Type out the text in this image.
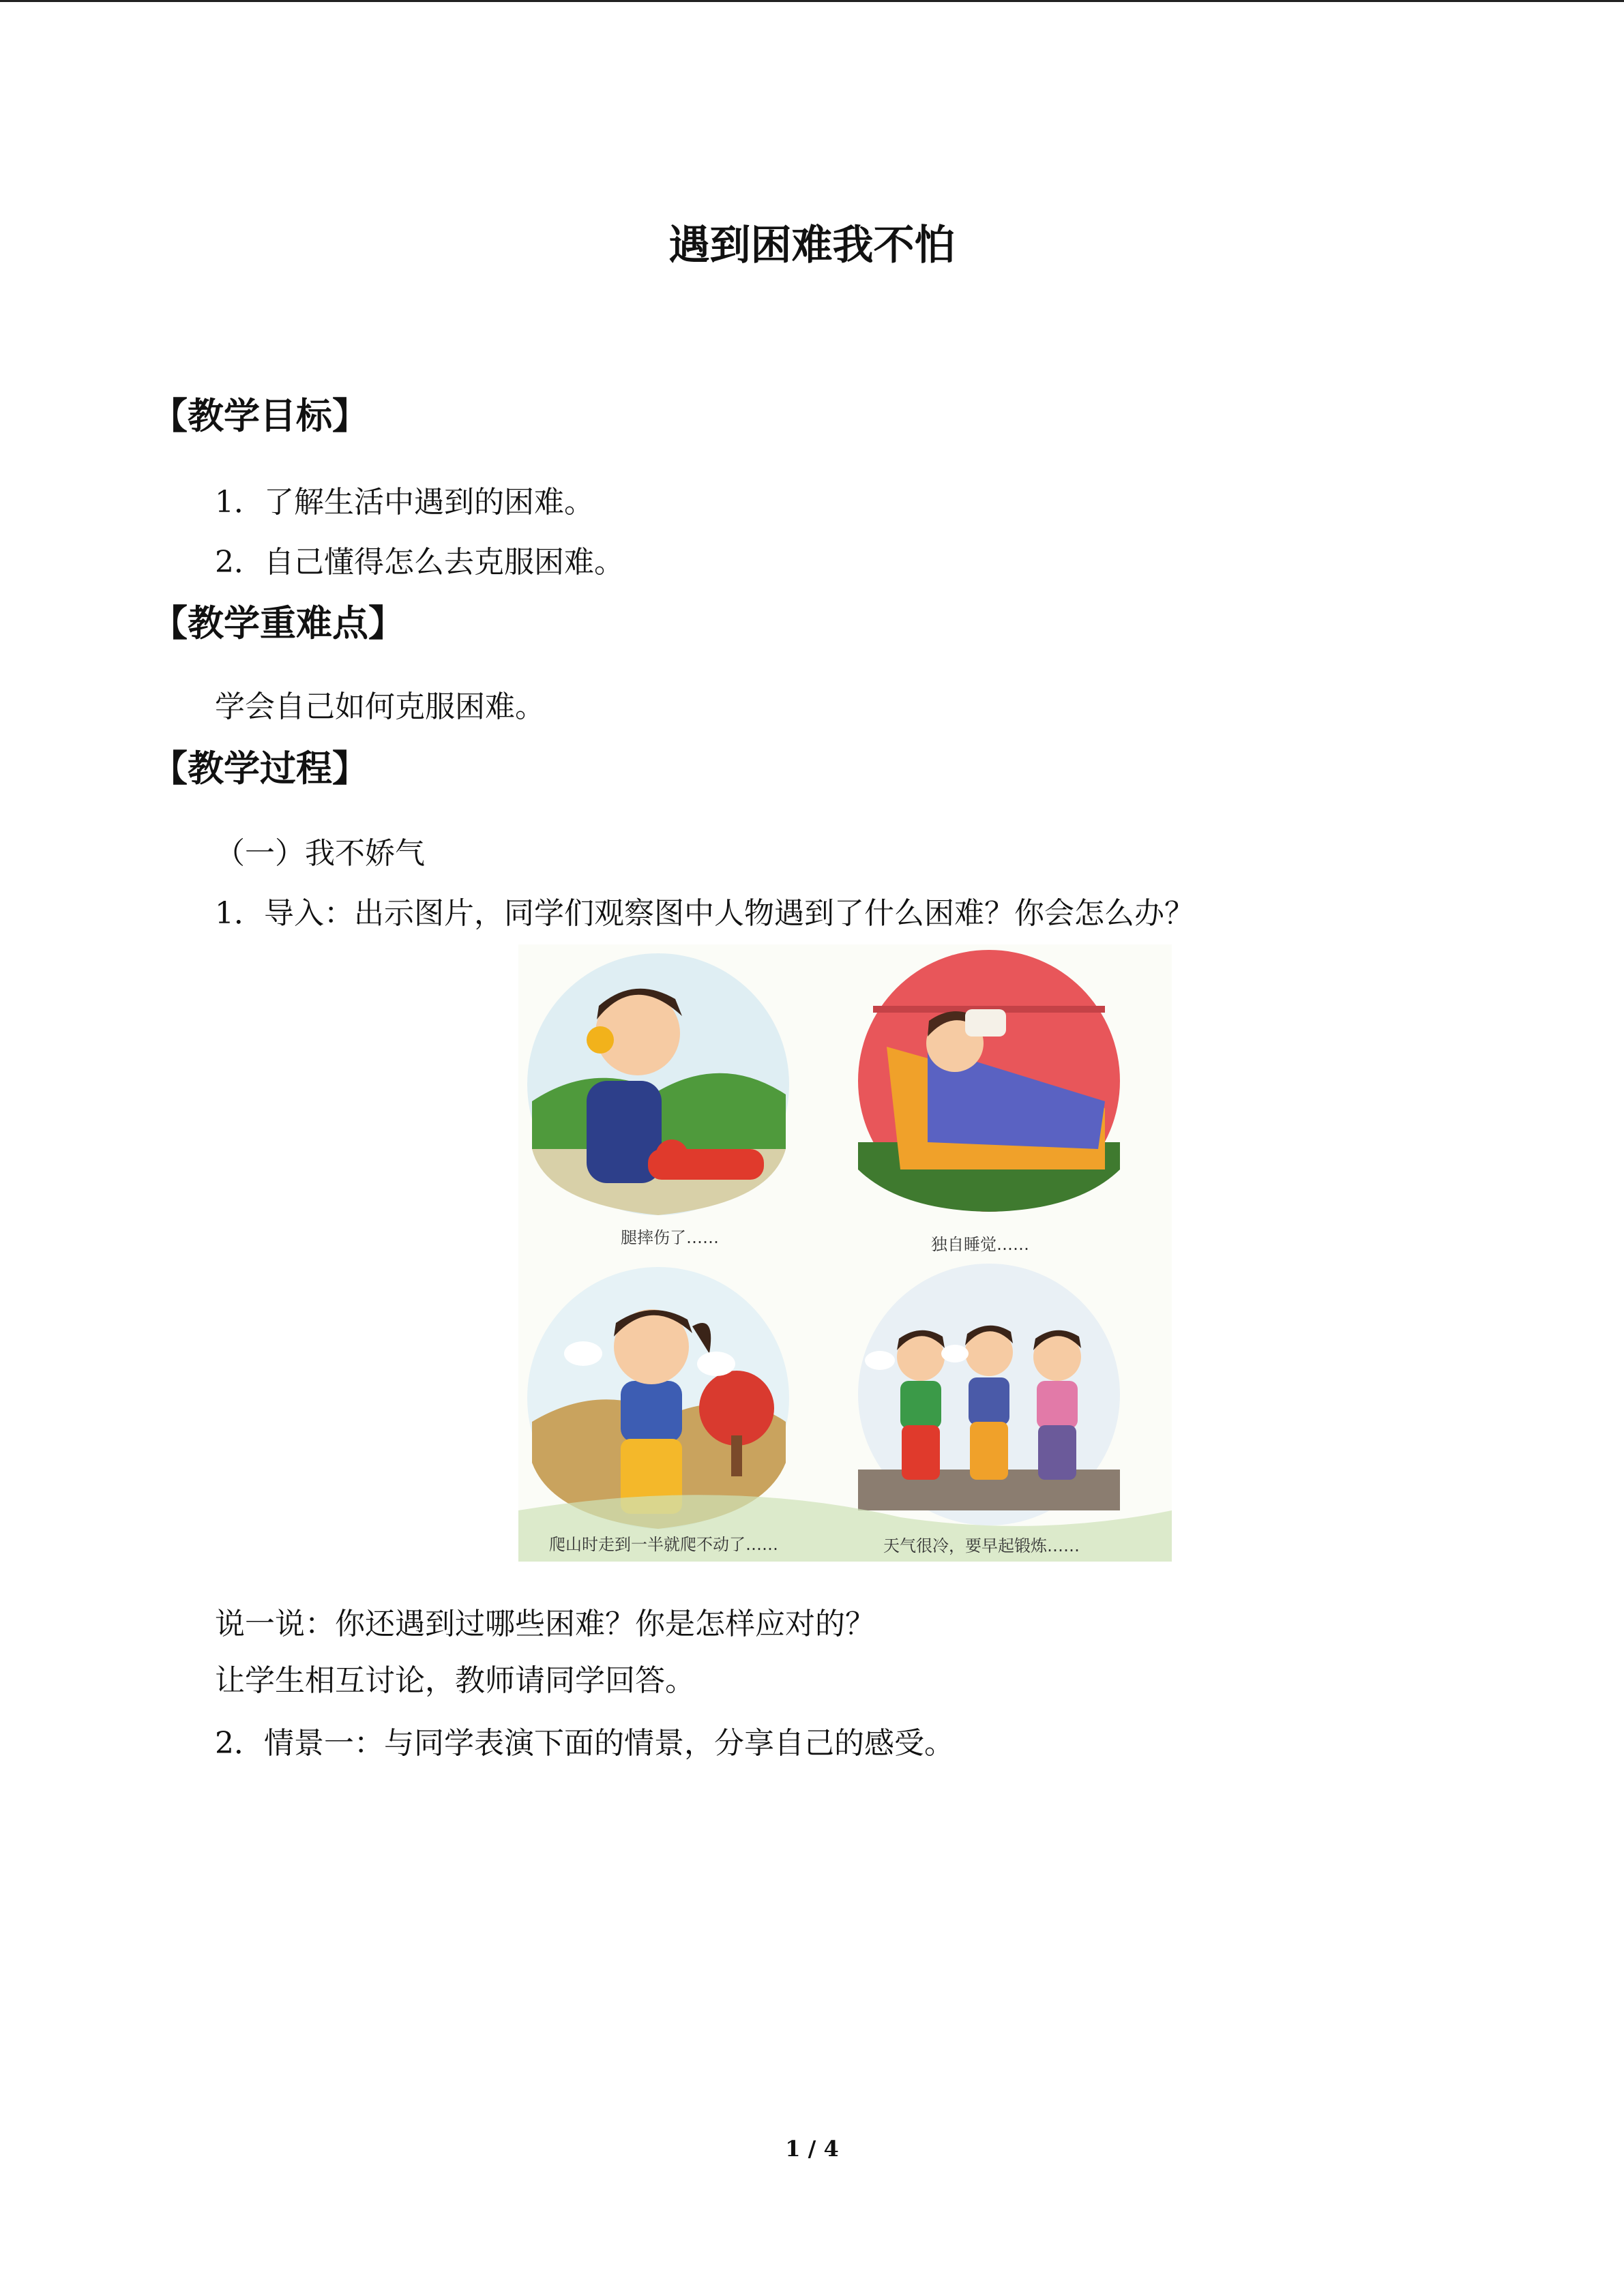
遇到困难我不怕
【教学目标】
1．了解生活中遇到的困难。
2．自己懂得怎么去克服困难。
【教学重难点】
学会自己如何克服困难。
【教学过程】
（一）我不娇气
1．导入：出示图片，同学们观察图中人物遇到了什么困难？你会怎么办？
腿摔伤了……	独自睡觉……
爬山时走到一半就爬不动了……	天气很冷，要早起锻炼……
说一说：你还遇到过哪些困难？你是怎样应对的？
让学生相互讨论，教师请同学回答。
2．情景一：与同学表演下面的情景，分享自己的感受。
1 / 4
